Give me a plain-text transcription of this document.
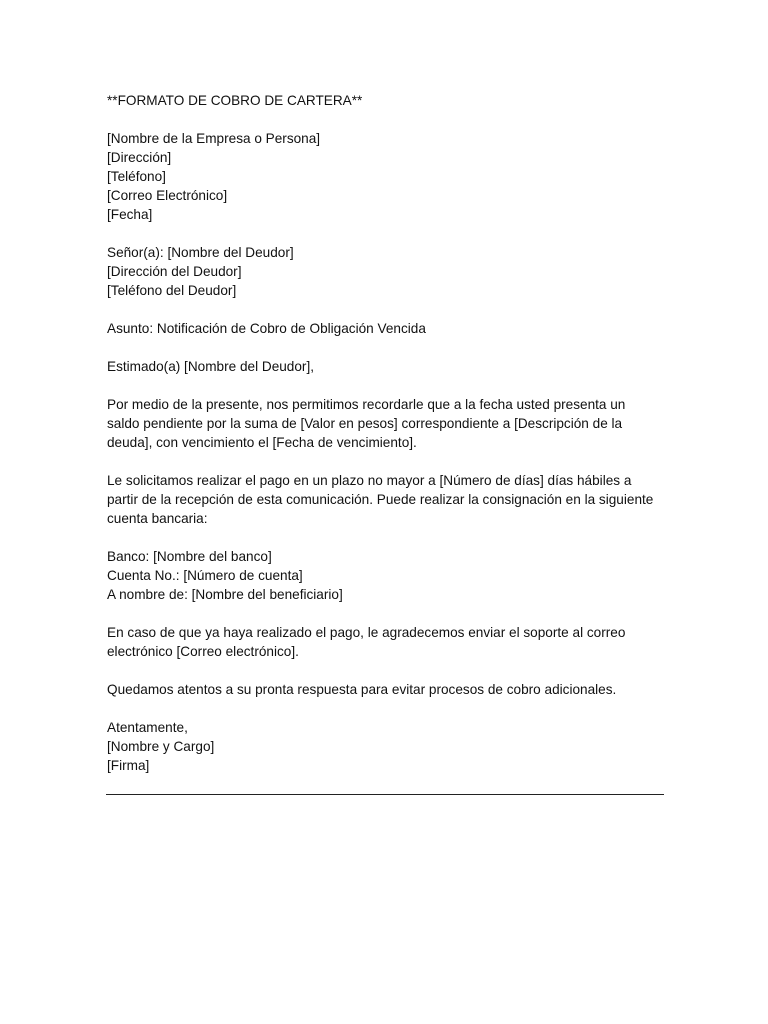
**FORMATO DE COBRO DE CARTERA**
[Nombre de la Empresa o Persona]
[Dirección]
[Teléfono]
[Correo Electrónico]
[Fecha]
Señor(a): [Nombre del Deudor]
[Dirección del Deudor]
[Teléfono del Deudor]
Asunto: Notificación de Cobro de Obligación Vencida
Estimado(a) [Nombre del Deudor],
Por medio de la presente, nos permitimos recordarle que a la fecha usted presenta un
saldo pendiente por la suma de [Valor en pesos] correspondiente a [Descripción de la
deuda], con vencimiento el [Fecha de vencimiento].
Le solicitamos realizar el pago en un plazo no mayor a [Número de días] días hábiles a
partir de la recepción de esta comunicación. Puede realizar la consignación en la siguiente
cuenta bancaria:
Banco: [Nombre del banco]
Cuenta No.: [Número de cuenta]
A nombre de: [Nombre del beneficiario]
En caso de que ya haya realizado el pago, le agradecemos enviar el soporte al correo
electrónico [Correo electrónico].
Quedamos atentos a su pronta respuesta para evitar procesos de cobro adicionales.
Atentamente,
[Nombre y Cargo]
[Firma]
